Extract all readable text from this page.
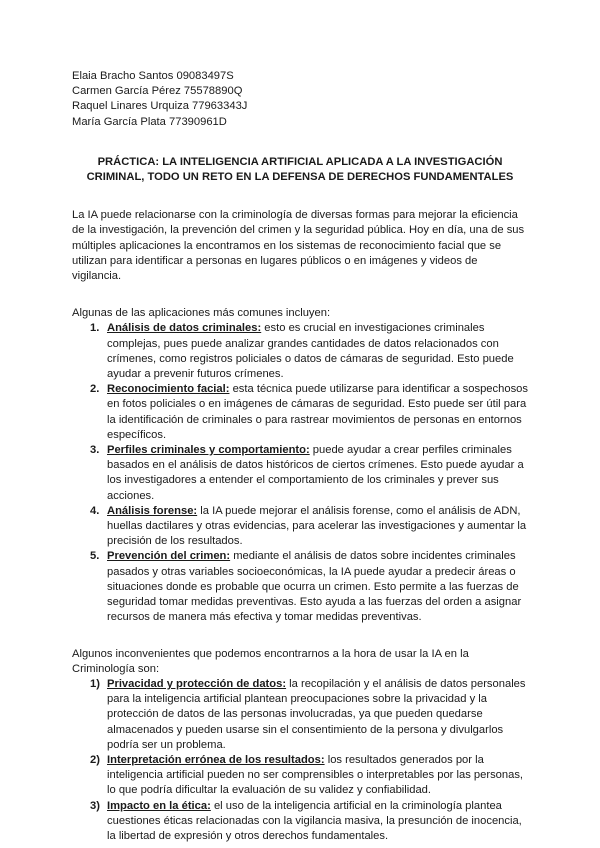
Elaia Bracho Santos 09083497S
Carmen García Pérez 75578890Q
Raquel Linares Urquiza 77963343J
María García Plata 77390961D
PRÁCTICA: LA INTELIGENCIA ARTIFICIAL APLICADA A LA INVESTIGACIÓN CRIMINAL, TODO UN RETO EN LA DEFENSA DE DERECHOS FUNDAMENTALES

La IA puede relacionarse con la criminología de diversas formas para mejorar la eficiencia de la investigación, la prevención del crimen y la seguridad pública. Hoy en día, una de sus múltiples aplicaciones la encontramos en los sistemas de reconocimiento facial que se utilizan para identificar a personas en lugares públicos o en imágenes y videos de vigilancia.

Algunas de las aplicaciones más comunes incluyen:

1. Análisis de datos criminales: esto es crucial en investigaciones criminales complejas, pues puede analizar grandes cantidades de datos relacionados con crímenes, como registros policiales o datos de cámaras de seguridad. Esto puede ayudar a prevenir futuros crímenes.
2. Reconocimiento facial: esta técnica puede utilizarse para identificar a sospechosos en fotos policiales o en imágenes de cámaras de seguridad. Esto puede ser útil para la identificación de criminales o para rastrear movimientos de personas en entornos específicos.
3. Perfiles criminales y comportamiento: puede ayudar a crear perfiles criminales basados en el análisis de datos históricos de ciertos crímenes. Esto puede ayudar a los investigadores a entender el comportamiento de los criminales y prever sus acciones.
4. Análisis forense: la IA puede mejorar el análisis forense, como el análisis de ADN, huellas dactilares y otras evidencias, para acelerar las investigaciones y aumentar la precisión de los resultados.
5. Prevención del crimen: mediante el análisis de datos sobre incidentes criminales pasados y otras variables socioeconómicas, la IA puede ayudar a predecir áreas o situaciones donde es probable que ocurra un crimen. Esto permite a las fuerzas de seguridad tomar medidas preventivas. Esto ayuda a las fuerzas del orden a asignar recursos de manera más efectiva y tomar medidas preventivas.

Algunos inconvenientes que podemos encontrarnos a la hora de usar la IA en la Criminología son:

1) Privacidad y protección de datos: la recopilación y el análisis de datos personales para la inteligencia artificial plantean preocupaciones sobre la privacidad y la protección de datos de las personas involucradas, ya que pueden quedarse almacenados y pueden usarse sin el consentimiento de la persona y divulgarlos podría ser un problema.
2) Interpretación errónea de los resultados: los resultados generados por la inteligencia artificial pueden no ser comprensibles o interpretables por las personas, lo que podría dificultar la evaluación de su validez y confiabilidad.
3) Impacto en la ética: el uso de la inteligencia artificial en la criminología plantea cuestiones éticas relacionadas con la vigilancia masiva, la presunción de inocencia, la libertad de expresión y otros derechos fundamentales.
